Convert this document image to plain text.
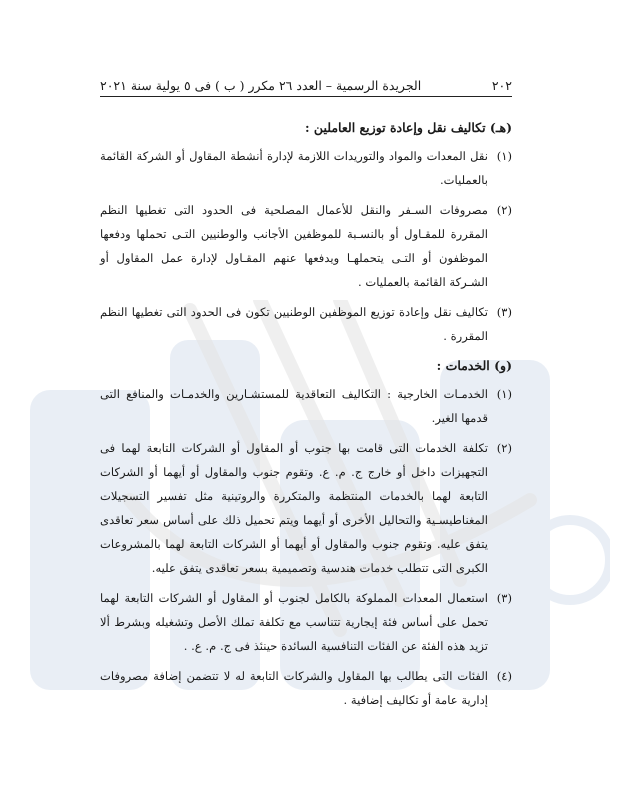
٢٠٢
الجريدة الرسمية – العدد ٢٦ مكرر ( ب ) فى ٥ يولية سنة ٢٠٢١
(هـ) تكاليف نقل وإعادة توزيع العاملين :
(١)
نقل المعدات والمواد والتوريدات اللازمة لإدارة أنشطة المقاول أو الشركة القائمة بالعمليات.
(٢)
مصروفات السـفر والنقل للأعمال المصلحية فى الحدود التى تغطيها النظم المقررة للمقـاول أو بالنسـبة للموظفين الأجانب والوطنيين التـى تحملها ودفعها الموظفون أو التـى يتحملهـا ويدفعها عنهم المقـاول لإدارة عمل المقاول أو الشـركة القائمة بالعمليات .
(٣)
تكاليف نقل وإعادة توزيع الموظفين الوطنيين تكون فى الحدود التى تغطيها النظم المقررة .
(و) الخدمات :
(١)
الخدمـات الخارجية : التكاليف التعاقدية للمستشـارين والخدمـات والمنافع التى قدمها الغير.
(٢)
تكلفة الخدمات التى قامت بها جنوب أو المقاول أو الشركات التابعة لهما فى التجهيزات داخل أو خارج ج. م. ع. وتقوم جنوب والمقاول أو أيهما أو الشركات التابعة لهما بالخدمات المنتظمة والمتكررة والروتينية مثل تفسير التسجيلات المغناطيسـية والتحاليل الأخرى أو أيهما ويتم تحميل ذلك على أساس سعر تعاقدى يتفق عليه. وتقوم جنوب والمقاول أو أيهما أو الشركات التابعة لهما بالمشروعات الكبرى التى تتطلب خدمات هندسية وتصميمية بسعر تعاقدى يتفق عليه.
(٣)
استعمال المعدات المملوكة بالكامل لجنوب أو المقاول أو الشركات التابعة لهما تحمل على أساس فئة إيجارية تتناسب مع تكلفة تملك الأصل وتشغيله وبشرط ألا تزيد هذه الفئة عن الفئات التنافسية السائدة حينئذ فى ج. م. ع. .
(٤)
الفئات التى يطالب بها المقاول والشركات التابعة له لا تتضمن إضافة مصروفات إدارية عامة أو تكاليف إضافية .
